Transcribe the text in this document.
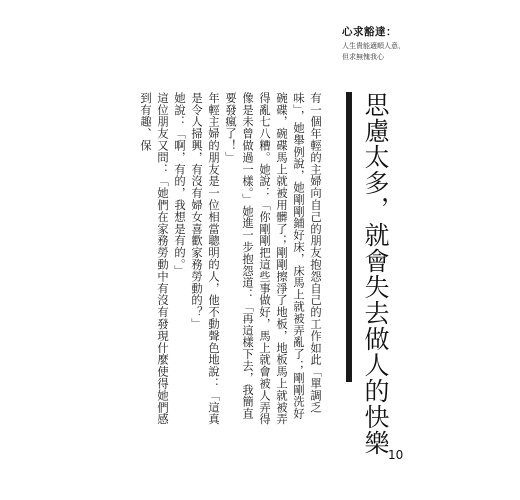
心求豁達：

人生貴能適順人意，

但求無愧我心

思慮太多，就會失去做人的快樂

有一個年輕的主婦向自己的朋友抱怨自己的工作如此「單調乏味」，她舉例說，她剛剛鋪好床，床馬上就被弄亂了；剛剛洗好碗碟，碗碟馬上就被用髒了；剛剛擦淨了地板，地板馬上就被弄得亂七八糟。她說：「你剛剛把這些事做好，馬上就會被人弄得像是未曾做過一樣。」她進一步抱怨道：「再這樣下去，我簡直要發瘋了！」

年輕主婦的朋友是一位相當聰明的人，他不動聲色地說：「這真是令人掃興，有沒有婦女喜歡家務勞動的？」

她說：「啊，有的，我想是有的。」

這位朋友又問：「她們在家務勞動中有沒有發現什麼使得她們感到有趣、保

10
